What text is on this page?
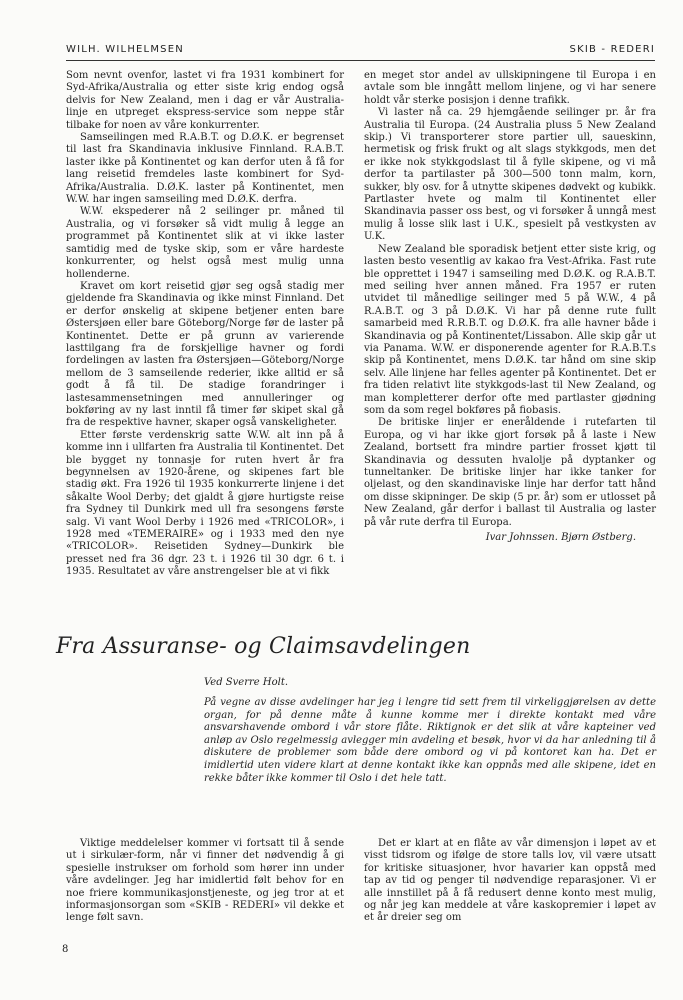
WILH. WILHELMSEN	SKIB - REDERI

Som nevnt ovenfor, lastet vi fra 1931 kombinert for Syd-Afrika/Australia og etter siste krig endog også delvis for New Zealand, men i dag er vår Australia-linje en utpreget ekspress-service som neppe står tilbake for noen av våre konkurrenter.

Samseilingen med R.A.B.T. og D.Ø.K. er begrenset til last fra Skandinavia inklusive Finnland. R.A.B.T. laster ikke på Kontinentet og kan derfor uten å få for lang reisetid fremdeles laste kombinert for Syd-Afrika/Australia. D.Ø.K. laster på Kontinentet, men W.W. har ingen samseiling med D.Ø.K. derfra.

W.W. ekspederer nå 2 seilinger pr. måned til Australia, og vi forsøker så vidt mulig å legge an programmet på Kontinentet slik at vi ikke laster samtidig med de tyske skip, som er våre hardeste konkurrenter, og helst også mest mulig unna hollenderne.

Kravet om kort reisetid gjør seg også stadig mer gjeldende fra Skandinavia og ikke minst Finnland. Det er derfor ønskelig at skipene betjener enten bare Østersjøen eller bare Göteborg/Norge før de laster på Kontinentet. Dette er på grunn av varierende lasttilgang fra de forskjellige havner og fordi fordelingen av lasten fra Østersjøen—Göteborg/Norge mellom de 3 samseilende rederier, ikke alltid er så godt å få til. De stadige forandringer i lastesammensetningen med annulleringer og bokføring av ny last inntil få timer før skipet skal gå fra de respektive havner, skaper også vanskeligheter.

Etter første verdenskrig satte W.W. alt inn på å komme inn i ullfarten fra Australia til Kontinentet. Det ble bygget ny tonnasje for ruten hvert år fra begynnelsen av 1920-årene, og skipenes fart ble stadig økt. Fra 1926 til 1935 konkurrerte linjene i det såkalte Wool Derby; det gjaldt å gjøre hurtigste reise fra Sydney til Dunkirk med ull fra sesongens første salg. Vi vant Wool Derby i 1926 med «TRICOLOR», i 1928 med «TEMERAIRE» og i 1933 med den nye «TRICOLOR». Reisetiden Sydney—Dunkirk ble presset ned fra 36 dgr. 23 t. i 1926 til 30 dgr. 6 t. i 1935. Resultatet av våre anstrengelser ble at vi fikk

en meget stor andel av ullskipningene til Europa i en avtale som ble inngått mellom linjene, og vi har senere holdt vår sterke posisjon i denne trafikk.

Vi laster nå ca. 29 hjemgående seilinger pr. år fra Australia til Europa. (24 Australia pluss 5 New Zealand skip.) Vi transporterer store partier ull, saueskinn, hermetisk og frisk frukt og alt slags stykkgods, men det er ikke nok stykkgodslast til å fylle skipene, og vi må derfor ta partilaster på 300—500 tonn malm, korn, sukker, bly osv. for å utnytte skipenes dødvekt og kubikk. Partlaster hvete og malm til Kontinentet eller Skandinavia passer oss best, og vi forsøker å unngå mest mulig å losse slik last i U.K., spesielt på vestkysten av U.K.

New Zealand ble sporadisk betjent etter siste krig, og lasten besto vesentlig av kakao fra Vest-Afrika. Fast rute ble opprettet i 1947 i samseiling med D.Ø.K. og R.A.B.T. med seiling hver annen måned. Fra 1957 er ruten utvidet til månedlige seilinger med 5 på W.W., 4 på R.A.B.T. og 3 på D.Ø.K. Vi har på denne rute fullt samarbeid med R.R.B.T. og D.Ø.K. fra alle havner både i Skandinavia og på Kontinentet/Lissabon. Alle skip går ut via Panama. W.W. er disponerende agenter for R.A.B.T.s skip på Kontinentet, mens D.Ø.K. tar hånd om sine skip selv. Alle linjene har felles agenter på Kontinentet. Det er fra tiden relativt lite stykkgods-last til New Zealand, og man kompletterer derfor ofte med partlaster gjødning som da som regel bokføres på fiobasis.

De britiske linjer er eneråldende i rutefarten til Europa, og vi har ikke gjort forsøk på å laste i New Zealand, bortsett fra mindre partier frosset kjøtt til Skandinavia og dessuten hvalolje på dyptanker og tunneltanker. De britiske linjer har ikke tanker for oljelast, og den skandinaviske linje har derfor tatt hånd om disse skipninger. De skip (5 pr. år) som er utlosset på New Zealand, går derfor i ballast til Australia og laster på vår rute derfra til Europa.

Ivar Johnssen. Bjørn Østberg.
Fra Assuranse- og Claimsavdelingen
Ved Sverre Holt.
På vegne av disse avdelinger har jeg i lengre tid sett frem til virkeliggjørelsen av dette organ, for på denne måte å kunne komme mer i direkte kontakt med våre ansvarshavende ombord i vår store flåte. Riktignok er det slik at våre kapteiner ved anløp av Oslo regelmessig avlegger min avdeling et besøk, hvor vi da har anledning til å diskutere de problemer som både dere ombord og vi på kontoret kan ha. Det er imidlertid uten videre klart at denne kontakt ikke kan oppnås med alle skipene, idet en rekke båter ikke kommer til Oslo i det hele tatt.

Viktige meddelelser kommer vi fortsatt til å sende ut i sirkulær-form, når vi finner det nødvendig å gi spesielle instrukser om forhold som hører inn under våre avdelinger. Jeg har imidlertid følt behov for en noe friere kommunikasjonstjeneste, og jeg tror at et informasjonsorgan som «SKIB - REDERI» vil dekke et lenge følt savn.

Det er klart at en flåte av vår dimensjon i løpet av et visst tidsrom og ifølge de store talls lov, vil være utsatt for kritiske situasjoner, hvor havarier kan oppstå med tap av tid og penger til nødvendige reparasjoner. Vi er alle innstillet på å få redusert denne konto mest mulig, og når jeg kan meddele at våre kaskopremier i løpet av et år dreier seg om

8
